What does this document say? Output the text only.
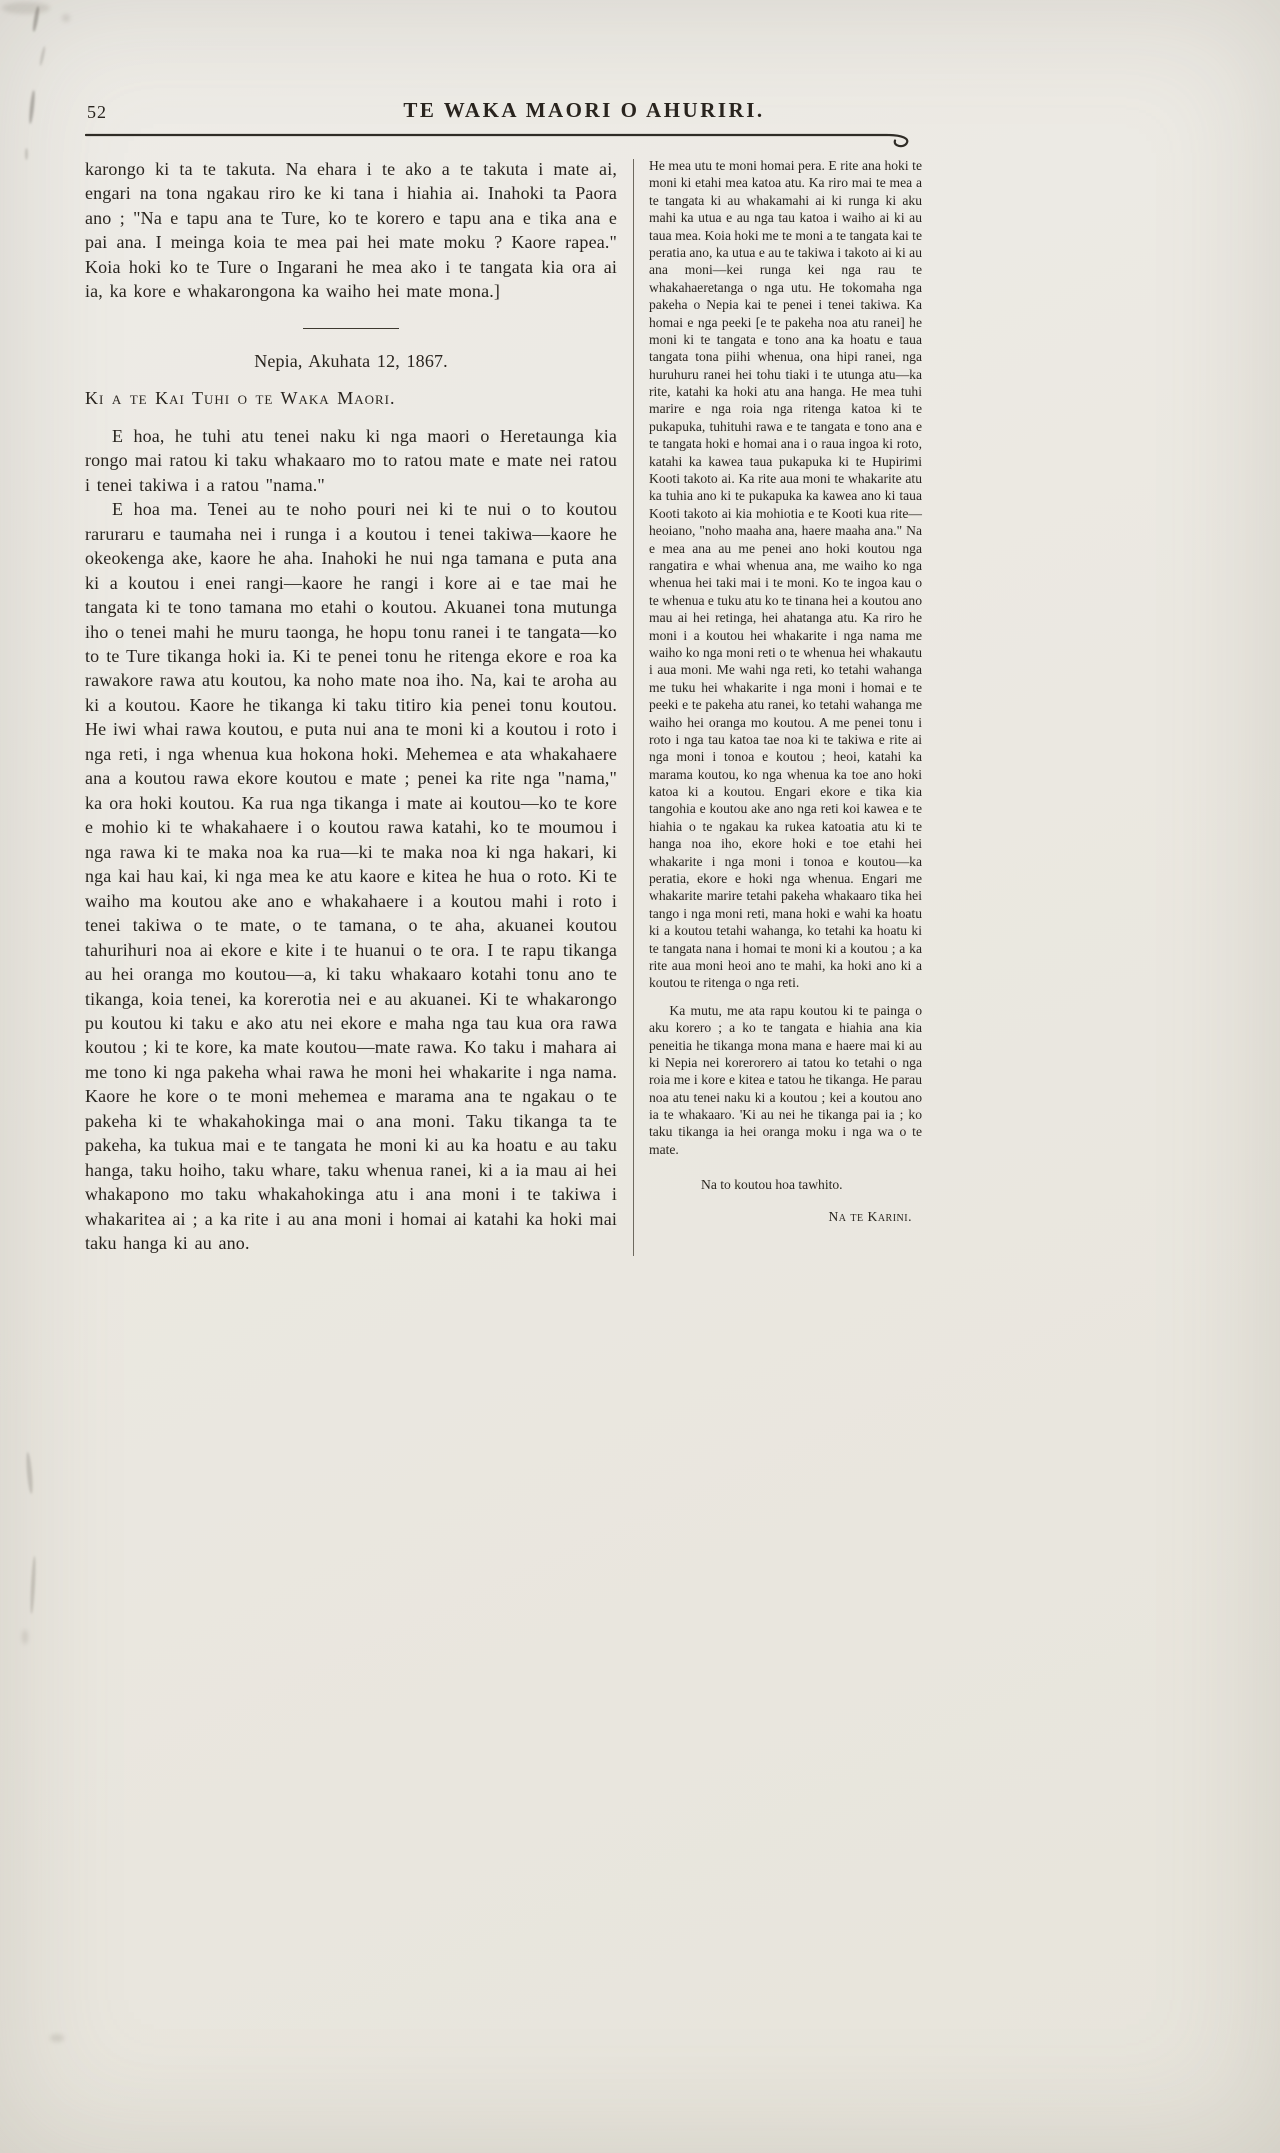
52	TE WAKA MAORI O AHURIRI.

karongo ki ta te takuta. Na ehara i te ako a te takuta i mate ai, engari na tona ngakau riro ke ki tana i hiahia ai. Inahoki ta Paora ano ; "Na e tapu ana te Ture, ko te korero e tapu ana e tika ana e pai ana. I meinga koia te mea pai hei mate moku ? Kaore rapea." Koia hoki ko te Ture o Ingarani he mea ako i te tangata kia ora ai ia, ka kore e whakarongona ka waiho hei mate mona.]

Nepia, Akuhata 12, 1867.

Ki a te Kai Tuhi o te Waka Maori.

E hoa, he tuhi atu tenei naku ki nga maori o Heretaunga kia rongo mai ratou ki taku whakaaro mo to ratou mate e mate nei ratou i tenei takiwa i a ratou "nama."

E hoa ma. Tenei au te noho pouri nei ki te nui o to koutou raruraru e taumaha nei i runga i a koutou i tenei takiwa—kaore he okeokenga ake, kaore he aha. Inahoki he nui nga tamana e puta ana ki a koutou i enei rangi—kaore he rangi i kore ai e tae mai he tangata ki te tono tamana mo etahi o koutou. Akuanei tona mutunga iho o tenei mahi he muru taonga, he hopu tonu ranei i te tangata—ko to te Ture tikanga hoki ia. Ki te penei tonu he ritenga ekore e roa ka rawakore rawa atu koutou, ka noho mate noa iho. Na, kai te aroha au ki a koutou. Kaore he tikanga ki taku titiro kia penei tonu koutou. He iwi whai rawa koutou, e puta nui ana te moni ki a koutou i roto i nga reti, i nga whenua kua hokona hoki. Mehemea e ata whakahaere ana a koutou rawa ekore koutou e mate ; penei ka rite nga "nama," ka ora hoki koutou. Ka rua nga tikanga i mate ai koutou—ko te kore e mohio ki te whakahaere i o koutou rawa katahi, ko te moumou i nga rawa ki te maka noa ka rua—ki te maka noa ki nga hakari, ki nga kai hau kai, ki nga mea ke atu kaore e kitea he hua o roto. Ki te waiho ma koutou ake ano e whakahaere i a koutou mahi i roto i tenei takiwa o te mate, o te tamana, o te aha, akuanei koutou tahurihuri noa ai ekore e kite i te huanui o te ora. I te rapu tikanga au hei oranga mo koutou—a, ki taku whakaaro kotahi tonu ano te tikanga, koia tenei, ka korerotia nei e au akuanei. Ki te whakarongo pu koutou ki taku e ako atu nei ekore e maha nga tau kua ora rawa koutou ; ki te kore, ka mate koutou—mate rawa. Ko taku i mahara ai me tono ki nga pakeha whai rawa he moni hei whakarite i nga nama. Kaore he kore o te moni mehemea e marama ana te ngakau o te pakeha ki te whakahokinga mai o ana moni. Taku tikanga ta te pakeha, ka tukua mai e te tangata he moni ki au ka hoatu e au taku hanga, taku hoiho, taku whare, taku whenua ranei, ki a ia mau ai hei whakapono mo taku whakahokinga atu i ana moni i te takiwa i whakaritea ai ; a ka rite i au ana moni i homai ai katahi ka hoki mai taku hanga ki au ano.

He mea utu te moni homai pera. E rite ana hoki te moni ki etahi mea katoa atu. Ka riro mai te mea a te tangata ki au whakamahi ai ki runga ki aku mahi ka utua e au nga tau katoa i waiho ai ki au taua mea. Koia hoki me te moni a te tangata kai te peratia ano, ka utua e au te takiwa i takoto ai ki au ana moni—kei runga kei nga rau te whakahaeretanga o nga utu. He tokomaha nga pakeha o Nepia kai te penei i tenei takiwa. Ka homai e nga peeki [e te pakeha noa atu ranei] he moni ki te tangata e tono ana ka hoatu e taua tangata tona piihi whenua, ona hipi ranei, nga huruhuru ranei hei tohu tiaki i te utunga atu—ka rite, katahi ka hoki atu ana hanga. He mea tuhi marire e nga roia nga ritenga katoa ki te pukapuka, tuhituhi rawa e te tangata e tono ana e te tangata hoki e homai ana i o raua ingoa ki roto, katahi ka kawea taua pukapuka ki te Hupirimi Kooti takoto ai. Ka rite aua moni te whakarite atu ka tuhia ano ki te pukapuka ka kawea ano ki taua Kooti takoto ai kia mohiotia e te Kooti kua rite—heoiano, "noho maaha ana, haere maaha ana." Na e mea ana au me penei ano hoki koutou nga rangatira e whai whenua ana, me waiho ko nga whenua hei taki mai i te moni. Ko te ingoa kau o te whenua e tuku atu ko te tinana hei a koutou ano mau ai hei retinga, hei ahatanga atu. Ka riro he moni i a koutou hei whakarite i nga nama me waiho ko nga moni reti o te whenua hei whakautu i aua moni. Me wahi nga reti, ko tetahi wahanga me tuku hei whakarite i nga moni i homai e te peeki e te pakeha atu ranei, ko tetahi wahanga me waiho hei oranga mo koutou. A me penei tonu i roto i nga tau katoa tae noa ki te takiwa e rite ai nga moni i tonoa e koutou ; heoi, katahi ka marama koutou, ko nga whenua ka toe ano hoki katoa ki a koutou. Engari ekore e tika kia tangohia e koutou ake ano nga reti koi kawea e te hiahia o te ngakau ka rukea katoatia atu ki te hanga noa iho, ekore hoki e toe etahi hei whakarite i nga moni i tonoa e koutou—ka peratia, ekore e hoki nga whenua. Engari me whakarite marire tetahi pakeha whakaaro tika hei tango i nga moni reti, mana hoki e wahi ka hoatu ki a koutou tetahi wahanga, ko tetahi ka hoatu ki te tangata nana i homai te moni ki a koutou ; a ka rite aua moni heoi ano te mahi, ka hoki ano ki a koutou te ritenga o nga reti.

Ka mutu, me ata rapu koutou ki te painga o aku korero ; a ko te tangata e hiahia ana kia peneitia he tikanga mona mana e haere mai ki au ki Nepia nei korerorero ai tatou ko tetahi o nga roia me i kore e kitea e tatou he tikanga. He parau noa atu tenei naku ki a koutou ; kei a koutou ano ia te whakaaro. 'Ki au nei he tikanga pai ia ; ko taku tikanga ia hei oranga moku i nga wa o te mate.

Na to koutou hoa tawhito.

Na te Karini.
